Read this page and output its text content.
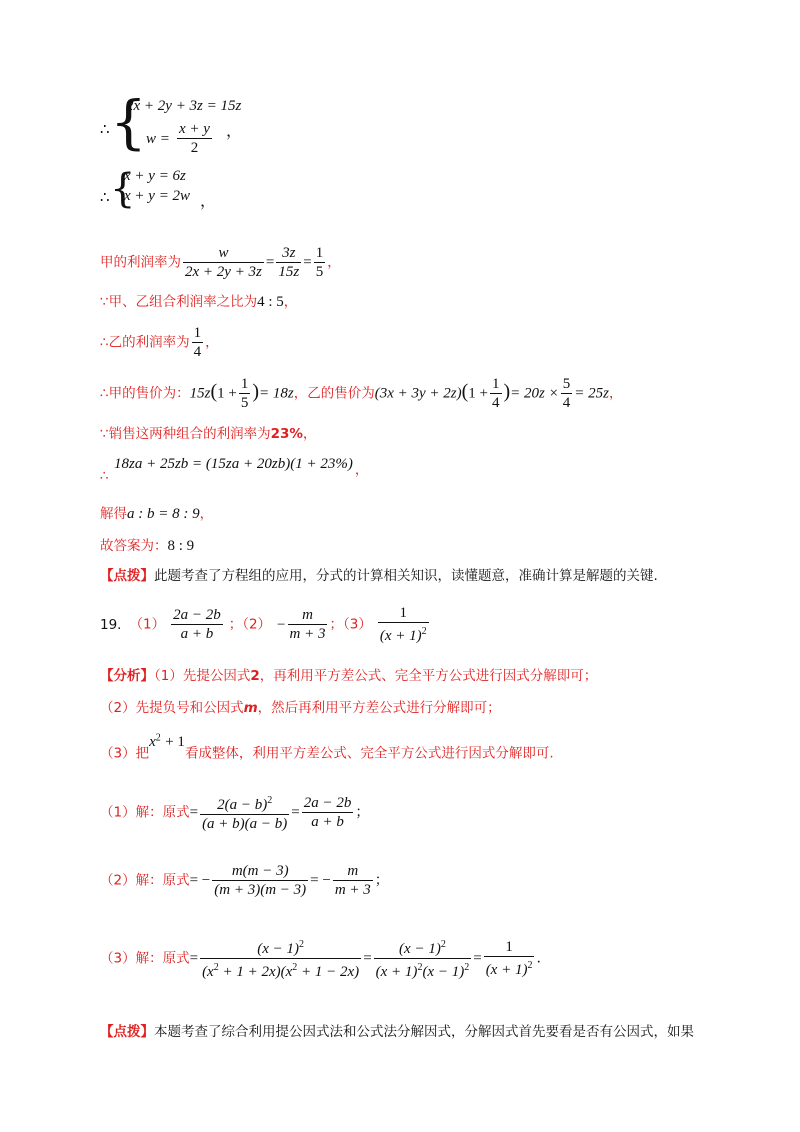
∴ {
2x + 2y + 3z = 15z
$w = \frac{x + y}{2}$ ，
∴ {
x + y = 6z
x + y = 2w ，
甲的利润率为 $\frac{w}{2x + 2y + 3z} = \frac{3z}{15z} = \frac{1}{5}$ ，
∵甲、乙组合利润率之比为4 : 5，
∴乙的利润率为 $\frac{1}{4}$ ，
∴甲的售价为：$15z(1 + \frac{1}{5}$ )= 18z，乙的售价为$(3x + 3y + 2z)(1 + \frac{1}{4}$ )= $20z \times \frac{5}{4} = 25z$，
∵销售这两种组合的利润率为23%，
18za + 25zb = (15za + 20zb)(1 + 23%) ，
∴
解得a : b = 8 : 9，
故答案为：8 : 9
【点拨】此题考查了方程组的应用，分式的计算相关知识，读懂题意，准确计算是解题的关键.
19. $(1) \frac{2a - 2b}{a + b}$ ；$(2) - \frac{m}{m + 3}$ ；$(3) \frac{1}{(x + 1)^2}$
【分析】（1）先提公因式2，再利用平方差公式、完全平方公式进行因式分解即可；
（2）先提负号和公因式m，然后再利用平方差公式进行分解即可；
（3）把$x^2 + 1$看成整体，利用平方差公式、完全平方公式进行因式分解即可.
（1）解：原式= $\frac{2(a - b)^2}{(a + b)(a - b)} = \frac{2a - 2b}{a + b}$ ；
（2）解：原式= − $\frac{m(m - 3)}{(m + 3)(m - 3)}$ = − $\frac{m}{m + 3}$ ；
（3）解：原式= $\frac{(x - 1)^2}{(x^2 + 1 + 2x)(x^2 + 1 - 2x)} = \frac{(x - 1)^2}{(x + 1)^2(x - 1)^2} = \frac{1}{(x + 1)^2}$ .
【点拨】本题考查了综合利用提公因式法和公式法分解因式，分解因式首先要看是否有公因式，如果
